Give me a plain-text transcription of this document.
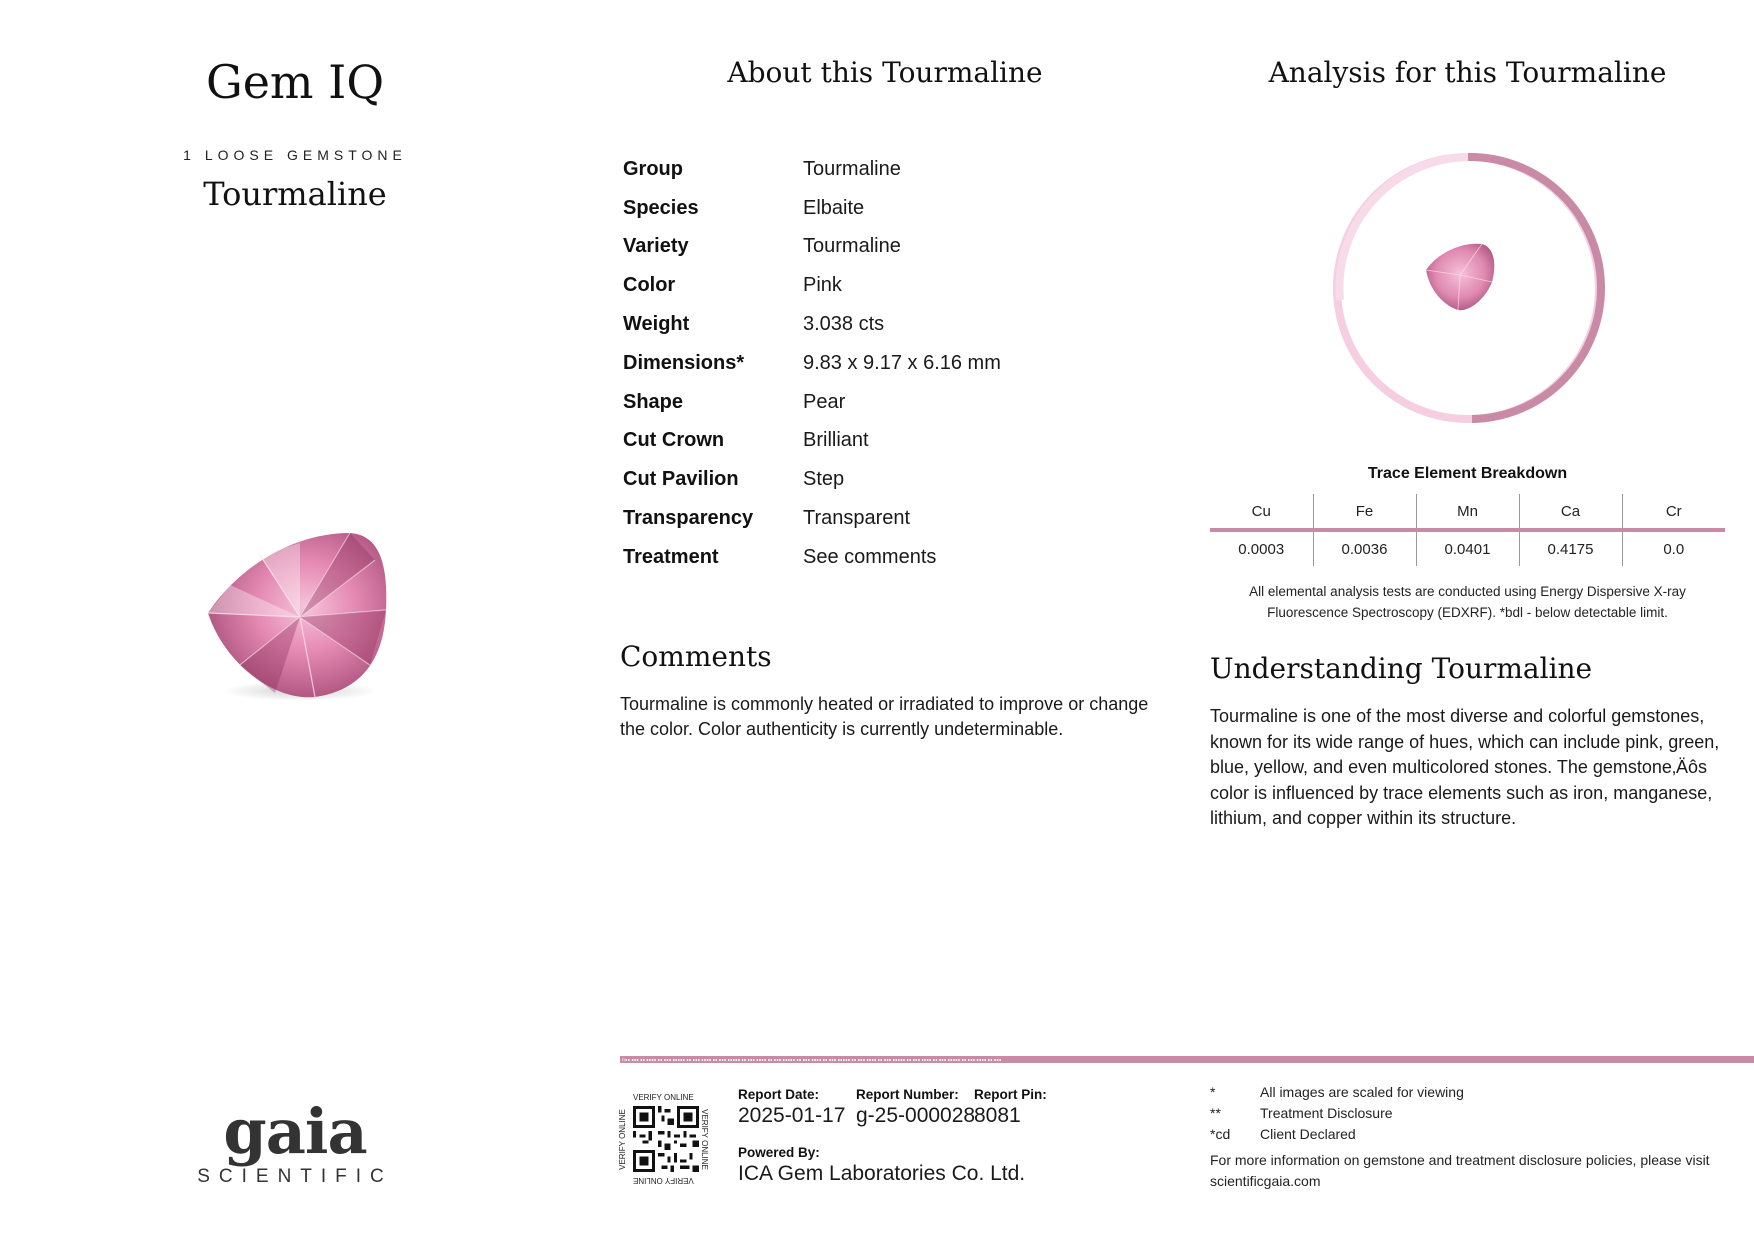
Gem IQ
1 LOOSE GEMSTONE
Tourmaline
gaia
SCIENTIFIC
About this Tourmaline
Group	Tourmaline
Species	Elbaite
Variety	Tourmaline
Color	Pink
Weight	3.038 cts
Dimensions*	9.83 x 9.17 x 6.16 mm
Shape	Pear
Cut Crown	Brilliant
Cut Pavilion	Step
Transparency	Transparent
Treatment	See comments
Comments
Tourmaline is commonly heated or irradiated to improve or change the color. Color authenticity is currently undeterminable.
Analysis for this Tourmaline
Trace Element Breakdown
Cu	Fe	Mn	Ca	Cr
0.0003	0.0036	0.0401	0.4175	0.0
All elemental analysis tests are conducted using Energy Dispersive X-ray Fluorescence Spectroscopy (EDXRF). *bdl - below detectable limit.
Understanding Tourmaline
Tourmaline is one of the most diverse and colorful gemstones, known for its wide range of hues, which can include pink, green, blue, yellow, and even multicolored stones. The gemstone‚Äôs color is influenced by trace elements such as iron, manganese, lithium, and copper within its structure.
Ω∎∎ ∎∎∎ ∎∎ ∎∎∎∎ ∎∎ ∎∎∎ ∎∎∎∎∎ ∎∎ ∎∎∎ ∎∎∎∎ ∎∎ ∎∎∎ ∎∎∎∎∎ ∎∎ ∎∎∎ ∎∎∎∎ ∎∎ ∎∎∎ ∎∎∎∎∎ ∎∎ ∎∎∎ ∎∎∎∎ ∎∎ ∎∎∎ ∎∎∎∎∎ ∎∎ ∎∎∎ ∎∎∎∎ ∎∎ ∎∎∎ ∎∎∎∎∎ ∎∎ ∎∎∎ ∎∎∎∎ ∎∎ ∎∎∎ ∎∎∎∎∎ ∎∎ ∎∎∎ ∎∎∎∎ ∎∎ ∎∎∎
VERIFY ONLINE
VERIFY ONLINE
VERIFY ONLINE	VERIFY ONLINE
Report Date:
2025-01-17
Report Number:
g-25-000028
Report Pin:
8081
Powered By:
ICA Gem Laboratories Co. Ltd.
*	All images are scaled for viewing
**	Treatment Disclosure
*cd	Client Declared
For more information on gemstone and treatment disclosure policies, please visit scientificgaia.com
